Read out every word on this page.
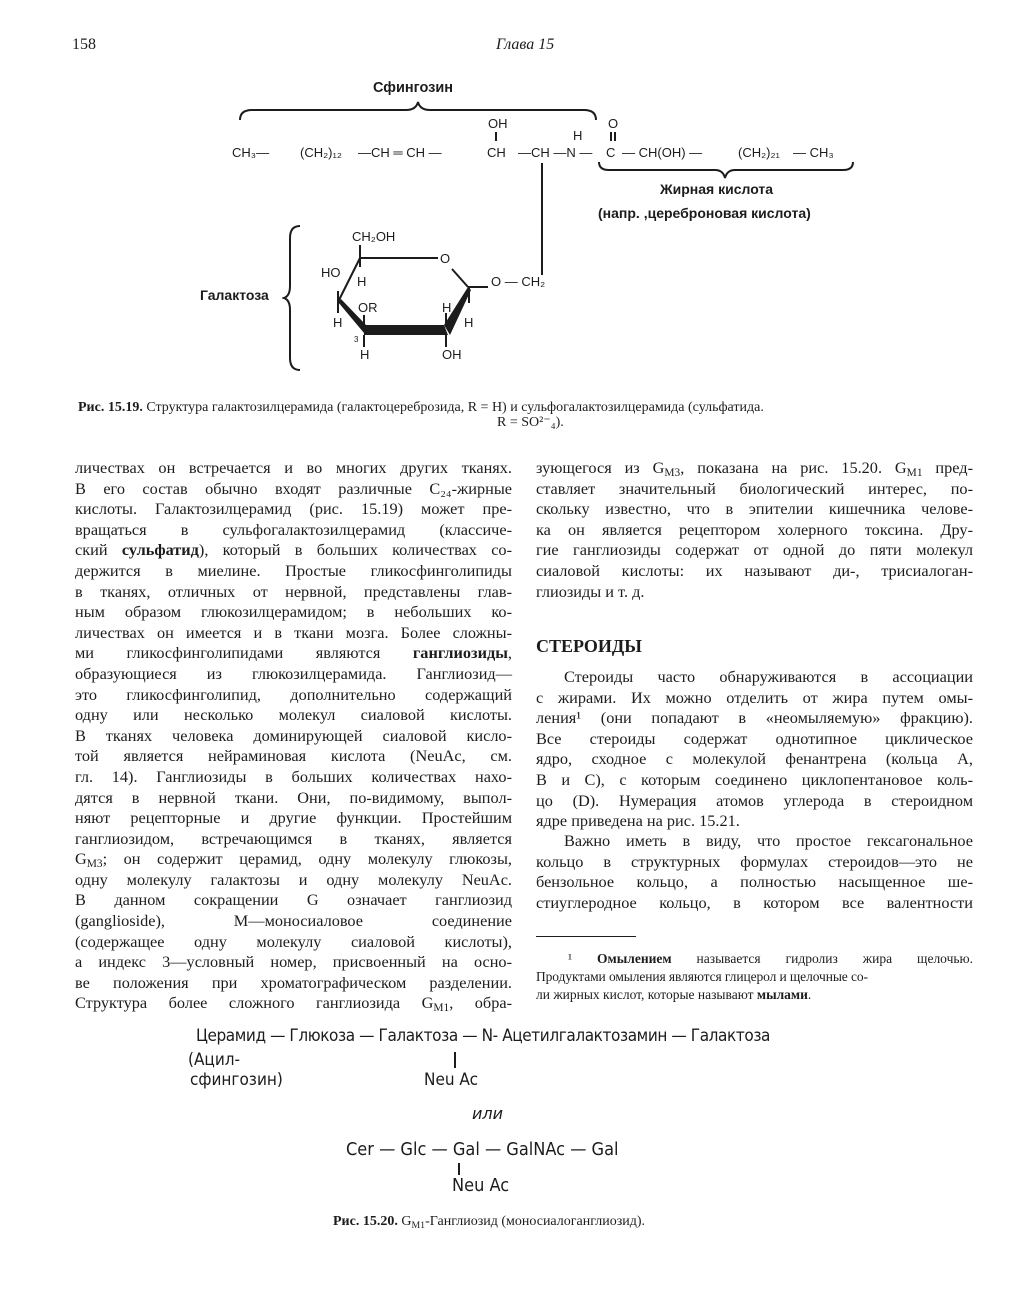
158	Глава 15
Сфингозин
OH
H
O
CH₃— (CH₂)₁₂ —CH ═ CH —	CH —CH —N — C — CH(OH) —	(CH₂)₂₁ — CH₃
Жирная кислота
(напр. ,цереброновая кислота)
Галактоза
CH₂OH
O
HO
H
OR	H
H	H
3
H	OH
O — CH₂
Рис. 15.19. Структура галактозилцерамида (галактоцереброзида, R = H) и сульфогалактозилцерамида (сульфатида.
R = SO²⁻₄).
личествах он встречается и во многих других тканях.
В его состав обычно входят различные C₂₄-жирные
кислоты. Галактозилцерамид (рис. 15.19) может пре-
вращаться в сульфогалактозилцерамид (классиче-
ский сульфатид), который в больших количествах со-
держится в миелине. Простые гликосфинголипиды
в тканях, отличных от нервной, представлены глав-
ным образом глюкозилцерамидом; в небольших ко-
личествах он имеется и в ткани мозга. Более сложны-
ми гликосфинголипидами являются ганглиозиды,
образующиеся из глюкозилцерамида. Ганглиозид—
это гликосфинголипид, дополнительно содержащий
одну или несколько молекул сиаловой кислоты.
В тканях человека доминирующей сиаловой кисло-
той является нейраминовая кислота (NeuAc, см.
гл. 14). Ганглиозиды в больших количествах нахо-
дятся в нервной ткани. Они, по-видимому, выпол-
няют рецепторные и другие функции. Простейшим
ганглиозидом, встречающимся в тканях, является
$G_{M3}$; он содержит церамид, одну молекулу глюкозы,
одну молекулу галактозы и одну молекулу NeuAc.
В данном сокращении G означает ганглиозид
(ganglioside), M—моносиаловое соединение
(содержащее одну молекулу сиаловой кислоты),
а индекс 3—условный номер, присвоенный на осно-
ве положения при хроматографическом разделении.
Структура более сложного ганглиозида $G_{M1}$, обра-
зующегося из $G_{M3}$, показана на рис. 15.20. $G_{M1}$ пред-
ставляет значительный биологический интерес, по-
скольку известно, что в эпителии кишечника челове-
ка он является рецептором холерного токсина. Дру-
гие ганглиозиды содержат от одной до пяти молекул
сиаловой кислоты: их называют ди-, трисиалоган-
глиозиды и т. д.
СТЕРОИДЫ
Стероиды часто обнаруживаются в ассоциации
с жирами. Их можно отделить от жира путем омы-
ления¹ (они попадают в «неомыляемую» фракцию).
Все стероиды содержат однотипное циклическое
ядро, сходное с молекулой фенантрена (кольца A,
B и C), с которым соединено циклопентановое коль-
цо (D). Нумерация атомов углерода в стероидном
ядре приведена на рис. 15.21.
Важно иметь в виду, что простое гексагональное
кольцо в структурных формулах стероидов—это не
бензольное кольцо, а полностью насыщенное ше-
стиуглеродное кольцо, в котором все валентности
¹ Омылением называется гидролиз жира щелочью.
Продуктами омыления являются глицерол и щелочные со-
ли жирных кислот, которые называют мылами.
Церамид — Глюкоза — Галактоза — N- Ацетилгалактозамин — Галактоза
(Ацил-
сфингозин)	Neu Ac
или
Cer — Glc — Gal — GalNAc — Gal
Neu Ac
Рис. 15.20. $G_{M1}$-Ганглиозид (моносиалоганглиозид).
